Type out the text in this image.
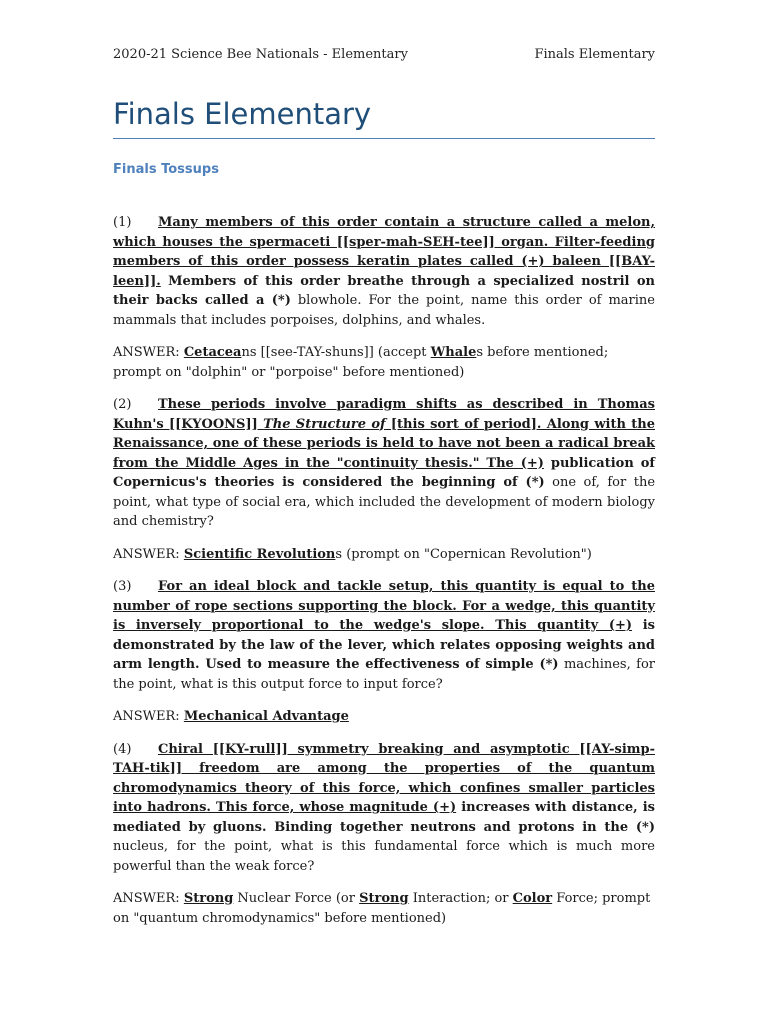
2020-21 Science Bee Nationals - Elementary	Finals Elementary
Finals Elementary
Finals Tossups

(1) Many members of this order contain a structure called a melon, which houses the spermaceti [[sper-mah-SEH-tee]] organ. Filter-feeding members of this order possess keratin plates called (+) baleen [[BAY-leen]]. Members of this order breathe through a specialized nostril on their backs called a (*) blowhole. For the point, name this order of marine mammals that includes porpoises, dolphins, and whales.

ANSWER: Cetaceans [[see-TAY-shuns]] (accept Whales before mentioned; prompt on "dolphin" or "porpoise" before mentioned)

(2) These periods involve paradigm shifts as described in Thomas Kuhn's [[KYOONS]] The Structure of [this sort of period]. Along with the Renaissance, one of these periods is held to have not been a radical break from the Middle Ages in the "continuity thesis." The (+) publication of Copernicus's theories is considered the beginning of (*) one of, for the point, what type of social era, which included the development of modern biology and chemistry?

ANSWER: Scientific Revolutions (prompt on "Copernican Revolution")

(3) For an ideal block and tackle setup, this quantity is equal to the number of rope sections supporting the block. For a wedge, this quantity is inversely proportional to the wedge's slope. This quantity (+) is demonstrated by the law of the lever, which relates opposing weights and arm length. Used to measure the effectiveness of simple (*) machines, for the point, what is this output force to input force?

ANSWER: Mechanical Advantage

(4) Chiral [[KY-rull]] symmetry breaking and asymptotic [[AY-simp-TAH-tik]] freedom are among the properties of the quantum chromodynamics theory of this force, which confines smaller particles into hadrons. This force, whose magnitude (+) increases with distance, is mediated by gluons. Binding together neutrons and protons in the (*) nucleus, for the point, what is this fundamental force which is much more powerful than the weak force?

ANSWER: Strong Nuclear Force (or Strong Interaction; or Color Force; prompt on "quantum chromodynamics" before mentioned)
